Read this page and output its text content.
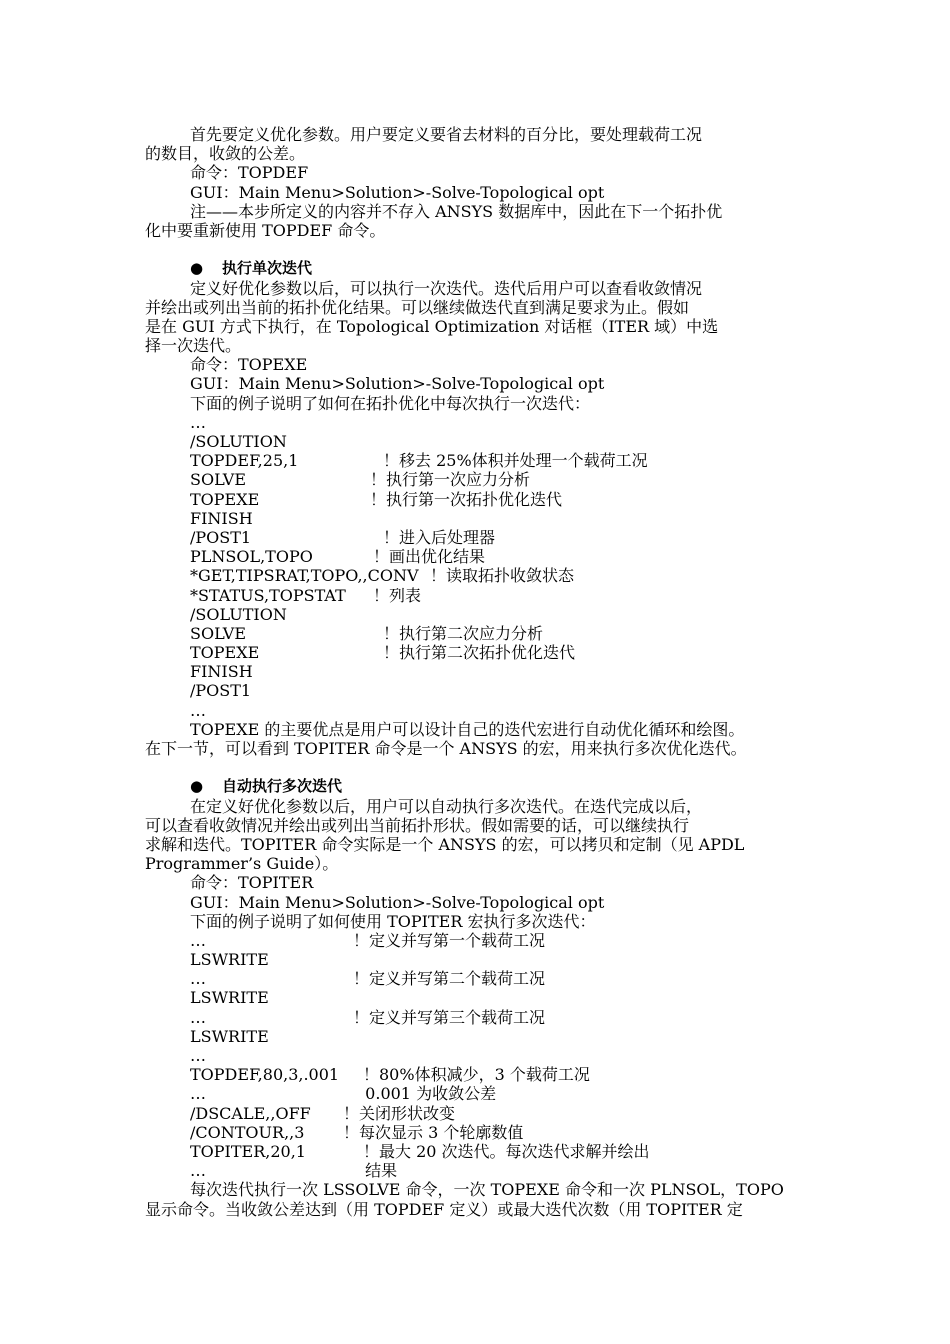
首先要定义优化参数。用户要定义要省去材料的百分比，要处理载荷工况
的数目，收敛的公差。
命令：TOPDEF
GUI：Main Menu>Solution>-Solve-Topological opt
注——本步所定义的内容并不存入 ANSYS 数据库中，因此在下一个拓扑优
化中要重新使用 TOPDEF 命令。
● 执行单次迭代
定义好优化参数以后，可以执行一次迭代。迭代后用户可以查看收敛情况
并绘出或列出当前的拓扑优化结果。可以继续做迭代直到满足要求为止。假如
是在 GUI 方式下执行，在 Topological Optimization 对话框（ITER 域）中选
择一次迭代。
命令：TOPEXE
GUI：Main Menu>Solution>-Solve-Topological opt
下面的例子说明了如何在拓扑优化中每次执行一次迭代：
…
/SOLUTION
TOPDEF,25,1	！移去 25%体积并处理一个载荷工况
SOLVE	！执行第一次应力分析
TOPEXE	！执行第一次拓扑优化迭代
FINISH
/POST1	！进入后处理器
PLNSOL,TOPO	！画出优化结果
*GET,TIPSRAT,TOPO,,CONV ！读取拓扑收敛状态
*STATUS,TOPSTAT ！列表
/SOLUTION
SOLVE	！执行第二次应力分析
TOPEXE	！执行第二次拓扑优化迭代
FINISH
/POST1
…
TOPEXE 的主要优点是用户可以设计自己的迭代宏进行自动优化循环和绘图。
在下一节，可以看到 TOPITER 命令是一个 ANSYS 的宏，用来执行多次优化迭代。
● 自动执行多次迭代
在定义好优化参数以后，用户可以自动执行多次迭代。在迭代完成以后，
可以查看收敛情况并绘出或列出当前拓扑形状。假如需要的话，可以继续执行
求解和迭代。TOPITER 命令实际是一个 ANSYS 的宏，可以拷贝和定制（见 APDL
Programmer’s Guide）。
命令：TOPITER
GUI：Main Menu>Solution>-Solve-Topological opt
下面的例子说明了如何使用 TOPITER 宏执行多次迭代：
…	！定义并写第一个载荷工况
LSWRITE
…	！定义并写第二个载荷工况
LSWRITE
…	！定义并写第三个载荷工况
LSWRITE
…
TOPDEF,80,3,.001 ！80%体积减少，3 个载荷工况
…	0.001 为收敛公差
/DSCALE,,OFF ！关闭形状改变
/CONTOUR,,3 ！每次显示 3 个轮廓数值
TOPITER,20,1	！最大 20 次迭代。每次迭代求解并绘出
…	结果
每次迭代执行一次 LSSOLVE 命令，一次 TOPEXE 命令和一次 PLNSOL，TOPO
显示命令。当收敛公差达到（用 TOPDEF 定义）或最大迭代次数（用 TOPITER 定
